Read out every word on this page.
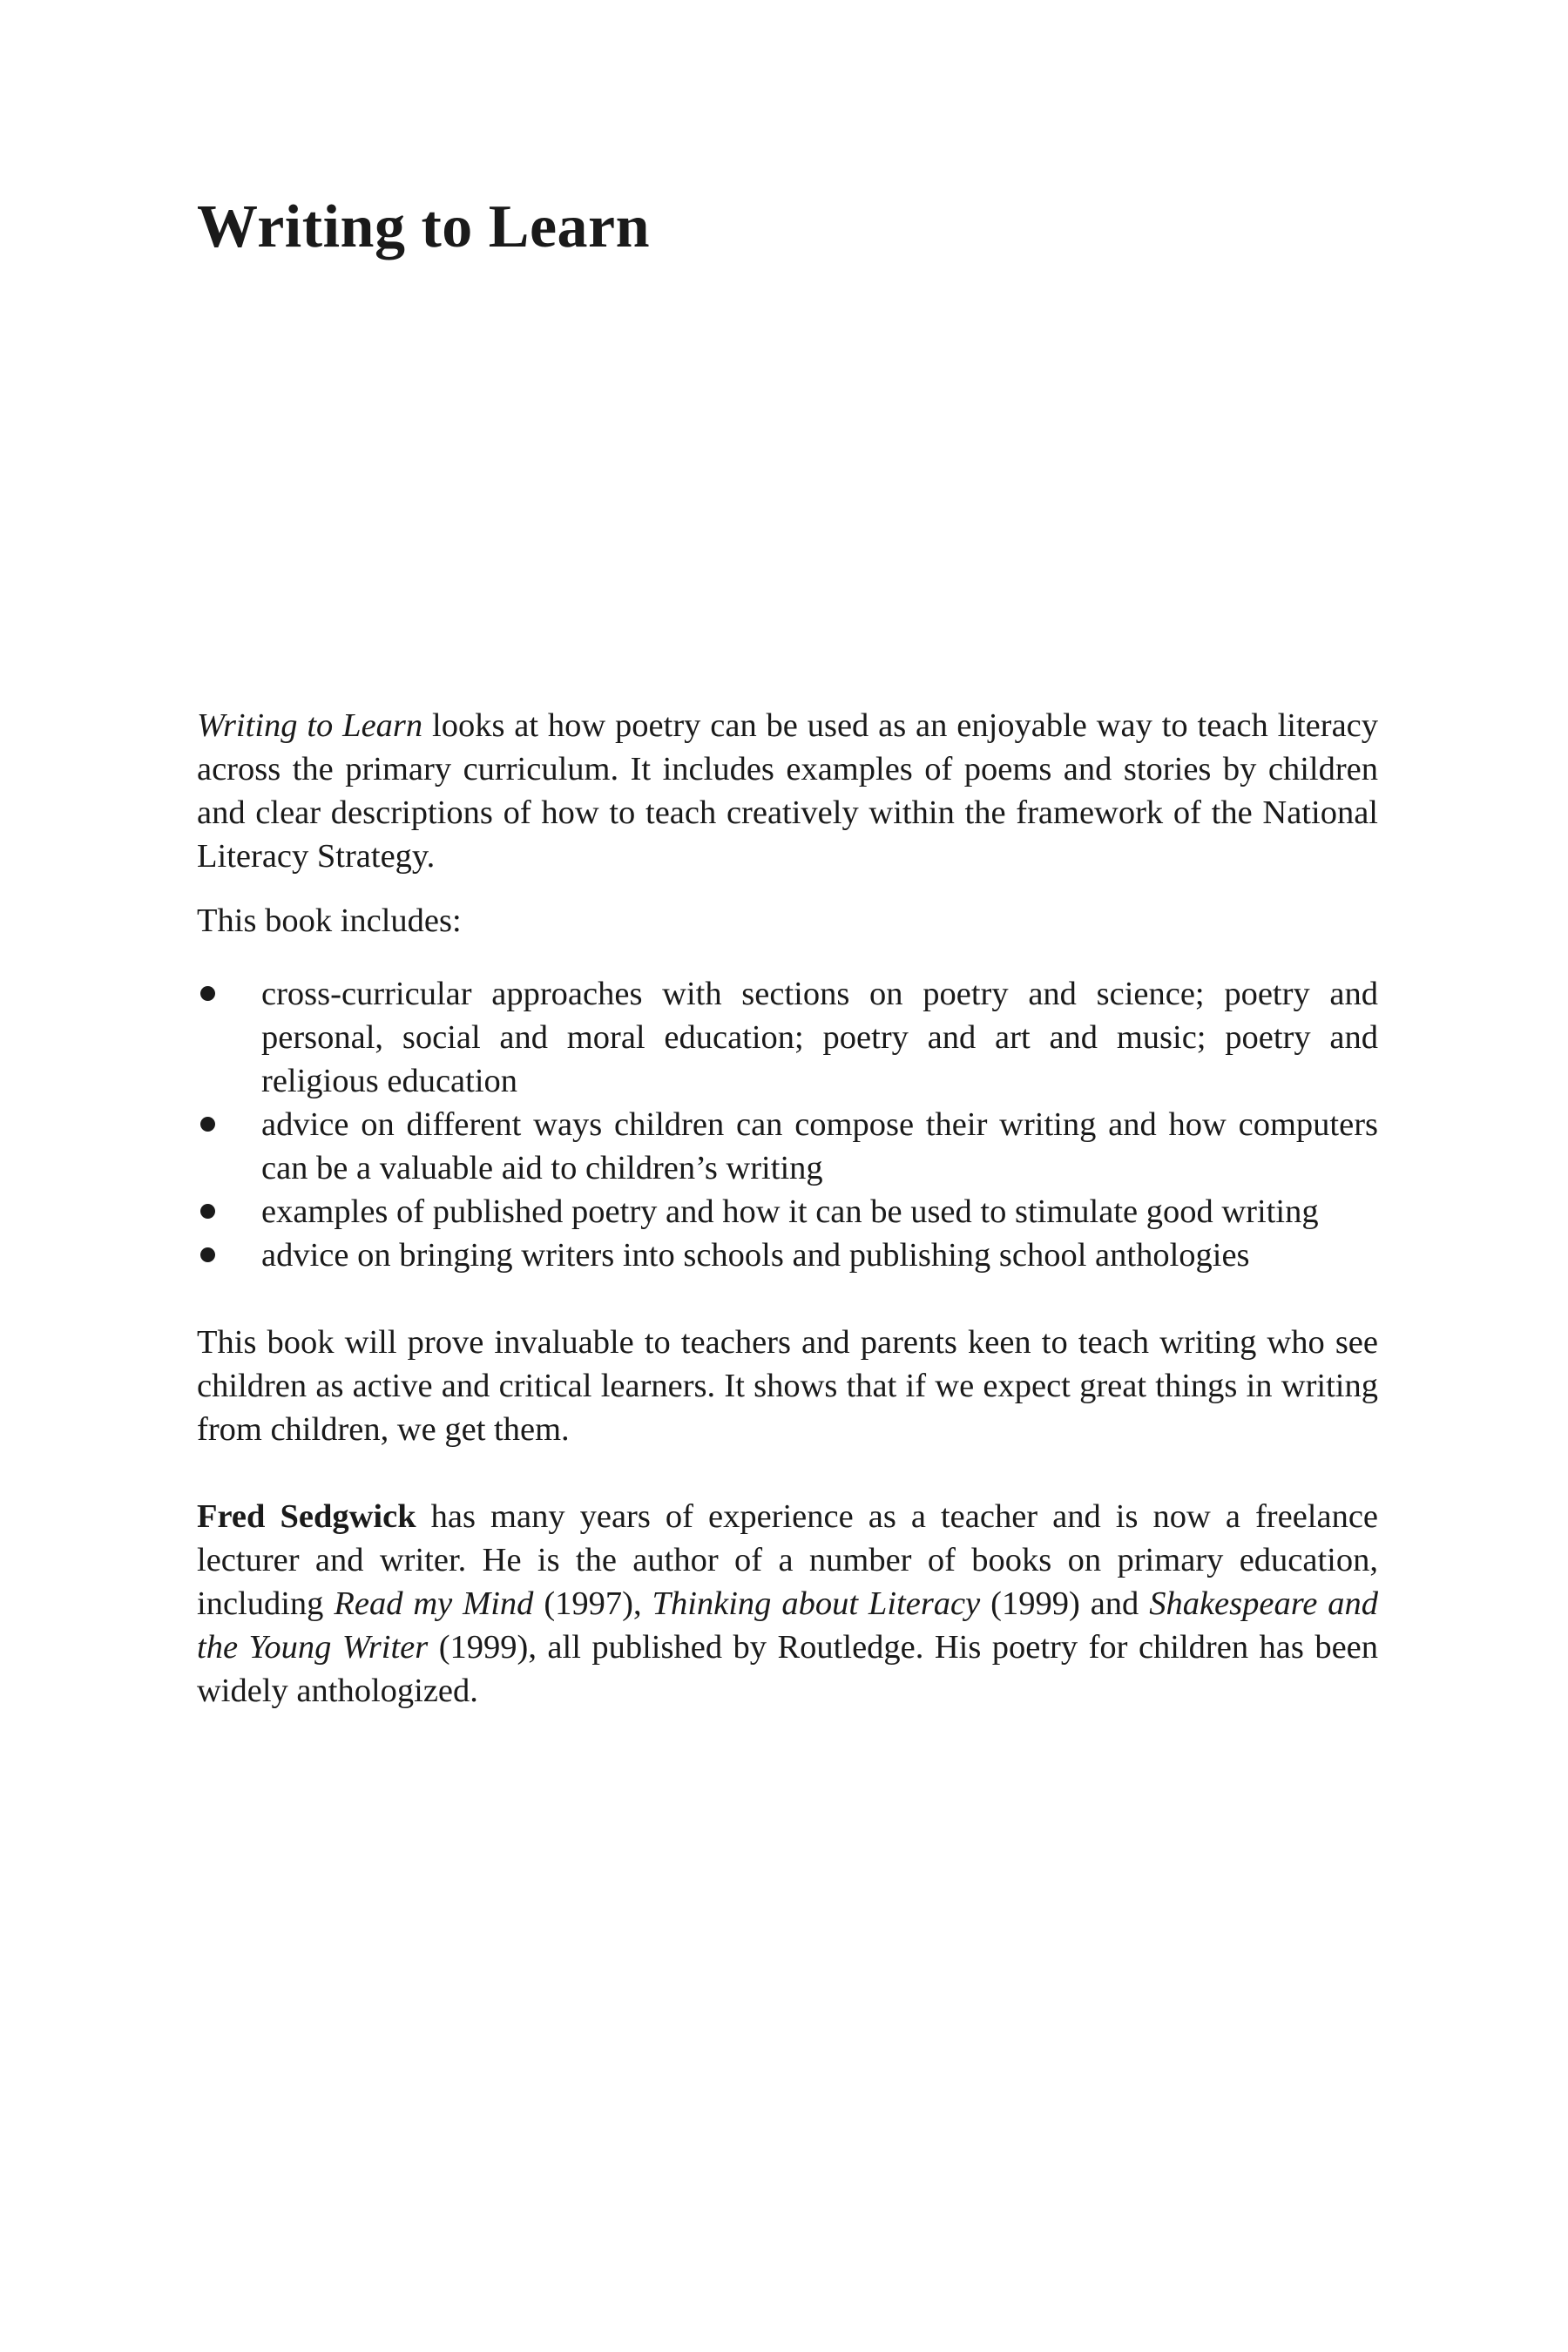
Writing to Learn

Writing to Learn looks at how poetry can be used as an enjoyable way to teach literacy across the primary curriculum. It includes examples of poems and stories by children and clear descriptions of how to teach creatively within the framework of the National Literacy Strategy.

This book includes:

cross-curricular approaches with sections on poetry and science; poetry and personal, social and moral education; poetry and art and music; poetry and religious education
advice on different ways children can compose their writing and how computers can be a valuable aid to children’s writing
examples of published poetry and how it can be used to stimulate good writing
advice on bringing writers into schools and publishing school anthologies

This book will prove invaluable to teachers and parents keen to teach writing who see children as active and critical learners. It shows that if we expect great things in writing from children, we get them.

Fred Sedgwick has many years of experience as a teacher and is now a freelance lecturer and writer. He is the author of a number of books on primary education, including Read my Mind (1997), Thinking about Literacy (1999) and Shakespeare and the Young Writer (1999), all published by Routledge. His poetry for children has been widely anthologized.
